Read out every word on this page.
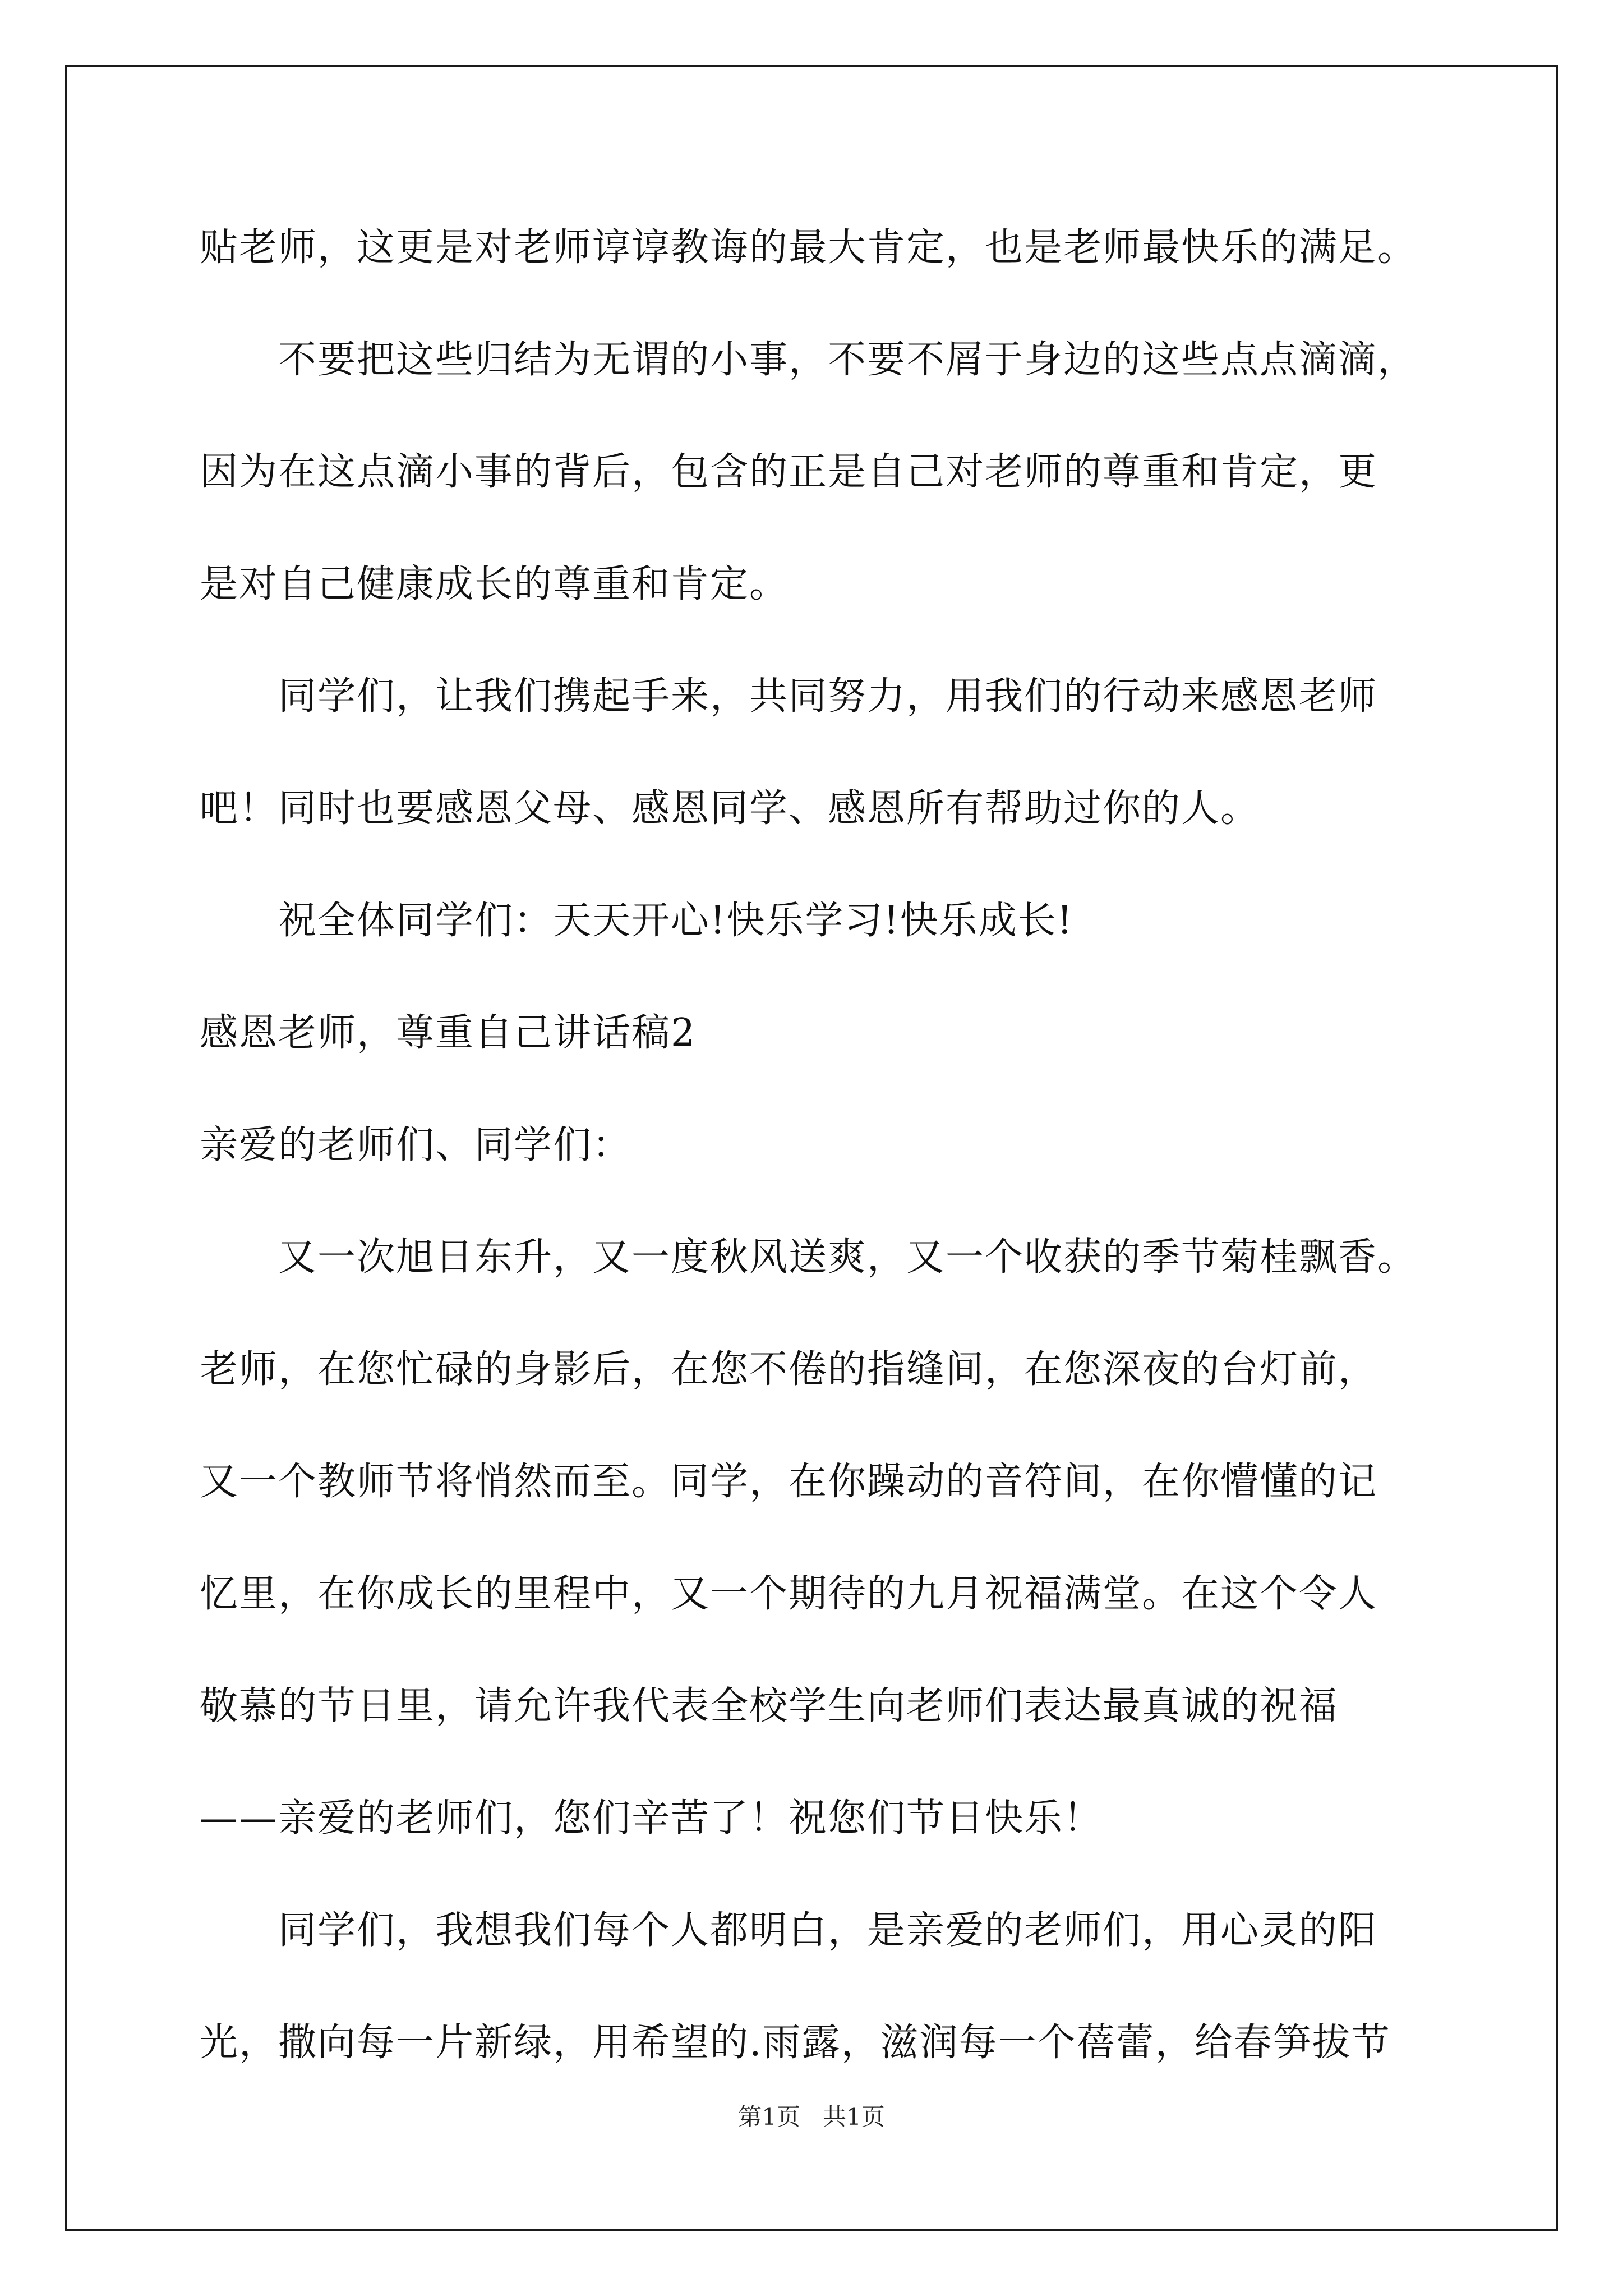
贴老师，这更是对老师谆谆教诲的最大肯定，也是老师最快乐的满足。

不要把这些归结为无谓的小事，不要不屑于身边的这些点点滴滴，

因为在这点滴小事的背后，包含的正是自己对老师的尊重和肯定，更

是对自己健康成长的尊重和肯定。

同学们，让我们携起手来，共同努力，用我们的行动来感恩老师

吧！同时也要感恩父母、感恩同学、感恩所有帮助过你的人。

祝全体同学们：天天开心!快乐学习!快乐成长!

感恩老师，尊重自己讲话稿2

亲爱的老师们、同学们：

又一次旭日东升，又一度秋风送爽，又一个收获的季节菊桂飘香。

老师，在您忙碌的身影后，在您不倦的指缝间，在您深夜的台灯前，

又一个教师节将悄然而至。同学，在你躁动的音符间，在你懵懂的记

忆里，在你成长的里程中，又一个期待的九月祝福满堂。在这个令人

敬慕的节日里，请允许我代表全校学生向老师们表达最真诚的祝福

——亲爱的老师们，您们辛苦了！祝您们节日快乐！

同学们，我想我们每个人都明白，是亲爱的老师们，用心灵的阳

光，撒向每一片新绿，用希望的.雨露，滋润每一个蓓蕾，给春笋拔节

第1页   共1页
